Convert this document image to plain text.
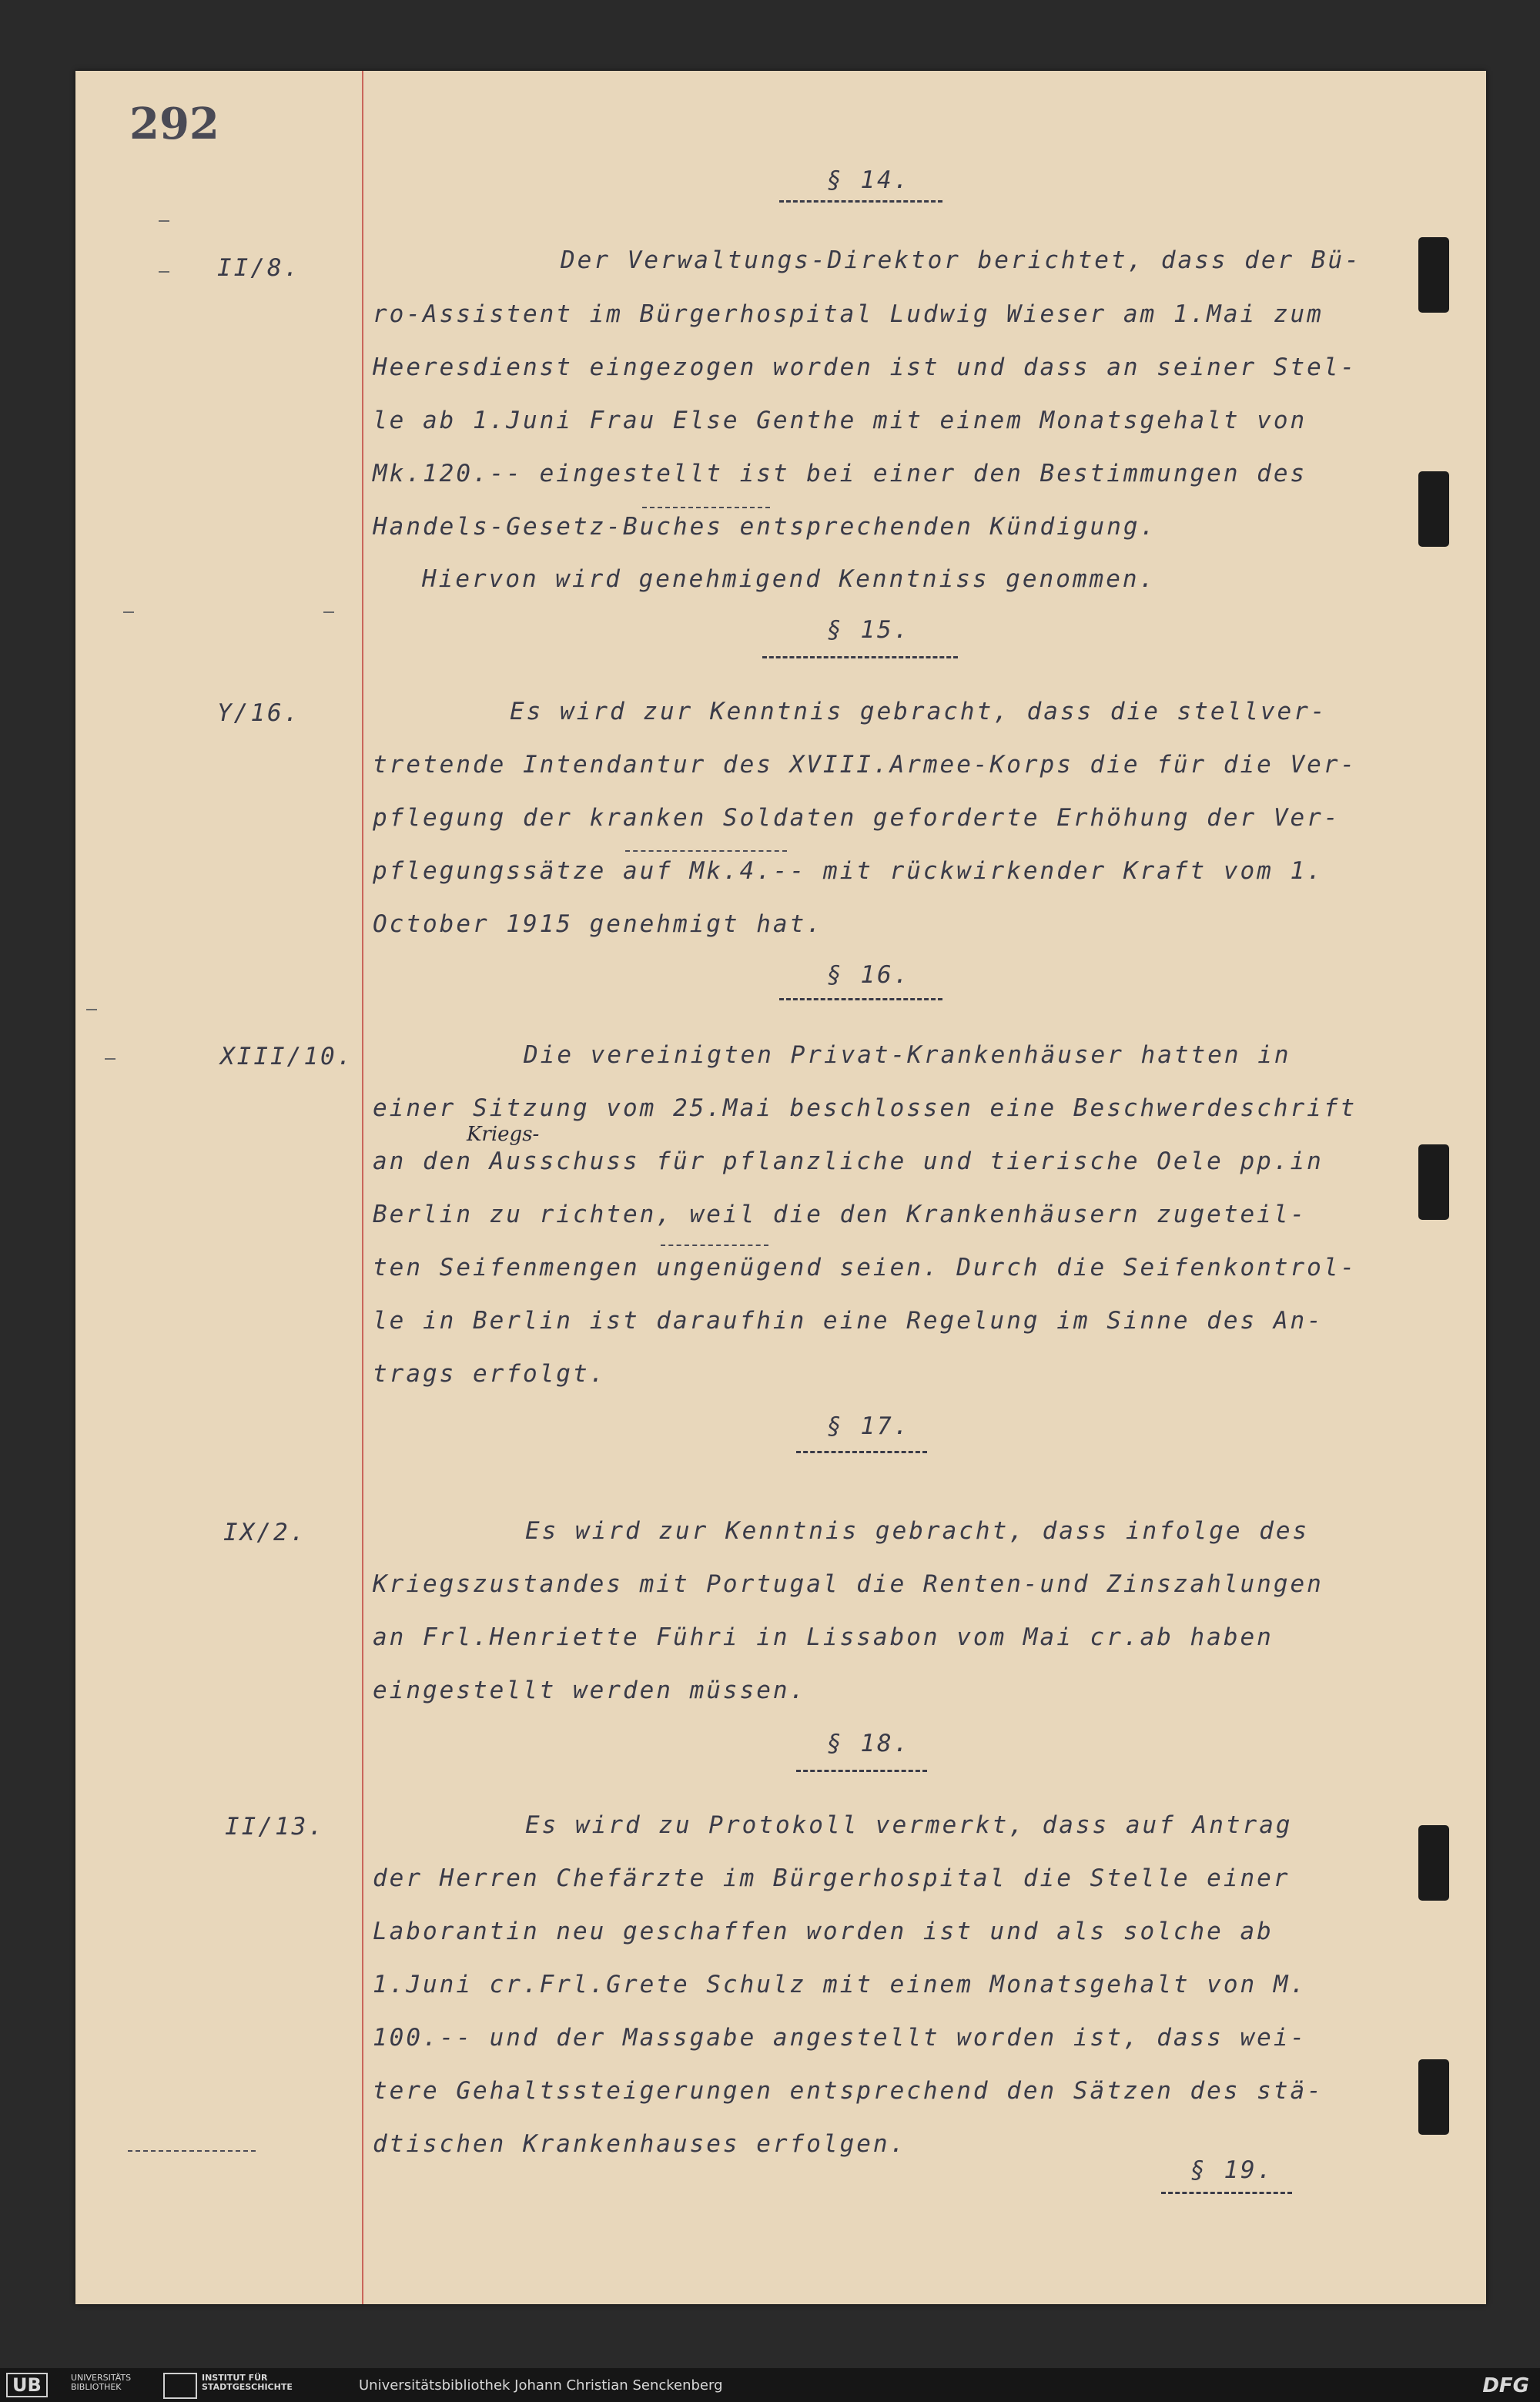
292
§ 14.
II/8.	Der Verwaltungs-Direktor berichtet, dass der Bü-
ro-Assistent im Bürgerhospital Ludwig Wieser am 1.Mai zum
Heeresdienst eingezogen worden ist und dass an seiner Stel-
le ab 1.Juni Frau Else Genthe mit einem Monatsgehalt von
Mk.120.-- eingestellt ist bei einer den Bestimmungen des
Handels-Gesetz-Buches entsprechenden Kündigung.
Hiervon wird genehmigend Kenntniss genommen.
§ 15.
Y/16.	Es wird zur Kenntnis gebracht, dass die stellver-
tretende Intendantur des XVIII.Armee-Korps die für die Ver-
pflegung der kranken Soldaten geforderte Erhöhung der Ver-
pflegungssätze auf Mk.4.-- mit rückwirkender Kraft vom 1.
October 1915 genehmigt hat.
§ 16.
XIII/10.	Die vereinigten Privat-Krankenhäuser hatten in
einer Sitzung vom 25.Mai beschlossen eine Beschwerdeschrift
Kriegs-
an den Ausschuss für pflanzliche und tierische Oele pp.in
Berlin zu richten, weil die den Krankenhäusern zugeteil-
ten Seifenmengen ungenügend seien. Durch die Seifenkontrol-
le in Berlin ist daraufhin eine Regelung im Sinne des An-
trags erfolgt.
§ 17.
IX/2.	Es wird zur Kenntnis gebracht, dass infolge des
Kriegszustandes mit Portugal die Renten-und Zinszahlungen
an Frl.Henriette Führi in Lissabon vom Mai cr.ab haben
eingestellt werden müssen.
§ 18.
II/13.	Es wird zu Protokoll vermerkt, dass auf Antrag
der Herren Chefärzte im Bürgerhospital die Stelle einer
Laborantin neu geschaffen worden ist und als solche ab
1.Juni cr.Frl.Grete Schulz mit einem Monatsgehalt von M.
100.-- und der Massgabe angestellt worden ist, dass wei-
tere Gehaltssteigerungen entsprechend den Sätzen des stä-
dtischen Krankenhauses erfolgen.
§ 19.
UB	UNIVERSITÄTS
BIBLIOTHEK
INSTITUT FÜR
STADTGESCHICHTE	Universitätsbibliothek Johann Christian Senckenberg	DFG
